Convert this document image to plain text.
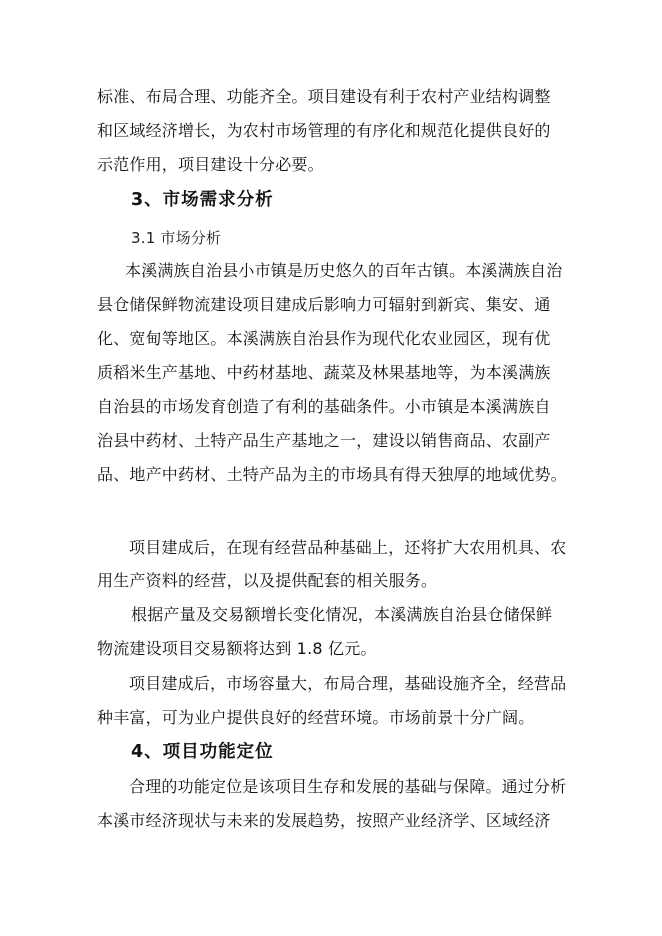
标准、布局合理、功能齐全。项目建设有利于农村产业结构调整
和区域经济增长，为农村市场管理的有序化和规范化提供良好的
示范作用，项目建设十分必要。
3、市场需求分析
3.1 市场分析
本溪满族自治县小市镇是历史悠久的百年古镇。本溪满族自治
县仓储保鲜物流建设项目建成后影响力可辐射到新宾、集安、通
化、宽甸等地区。本溪满族自治县作为现代化农业园区，现有优
质稻米生产基地、中药材基地、蔬菜及林果基地等，为本溪满族
自治县的市场发育创造了有利的基础条件。小市镇是本溪满族自
治县中药材、土特产品生产基地之一，建设以销售商品、农副产
品、地产中药材、土特产品为主的市场具有得天独厚的地域优势。
项目建成后，在现有经营品种基础上，还将扩大农用机具、农
用生产资料的经营，以及提供配套的相关服务。
根据产量及交易额增长变化情况，本溪满族自治县仓储保鲜
物流建设项目交易额将达到 1.8 亿元。
项目建成后，市场容量大，布局合理，基础设施齐全，经营品
种丰富，可为业户提供良好的经营环境。市场前景十分广阔。
4、项目功能定位
合理的功能定位是该项目生存和发展的基础与保障。通过分析
本溪市经济现状与未来的发展趋势，按照产业经济学、区域经济
